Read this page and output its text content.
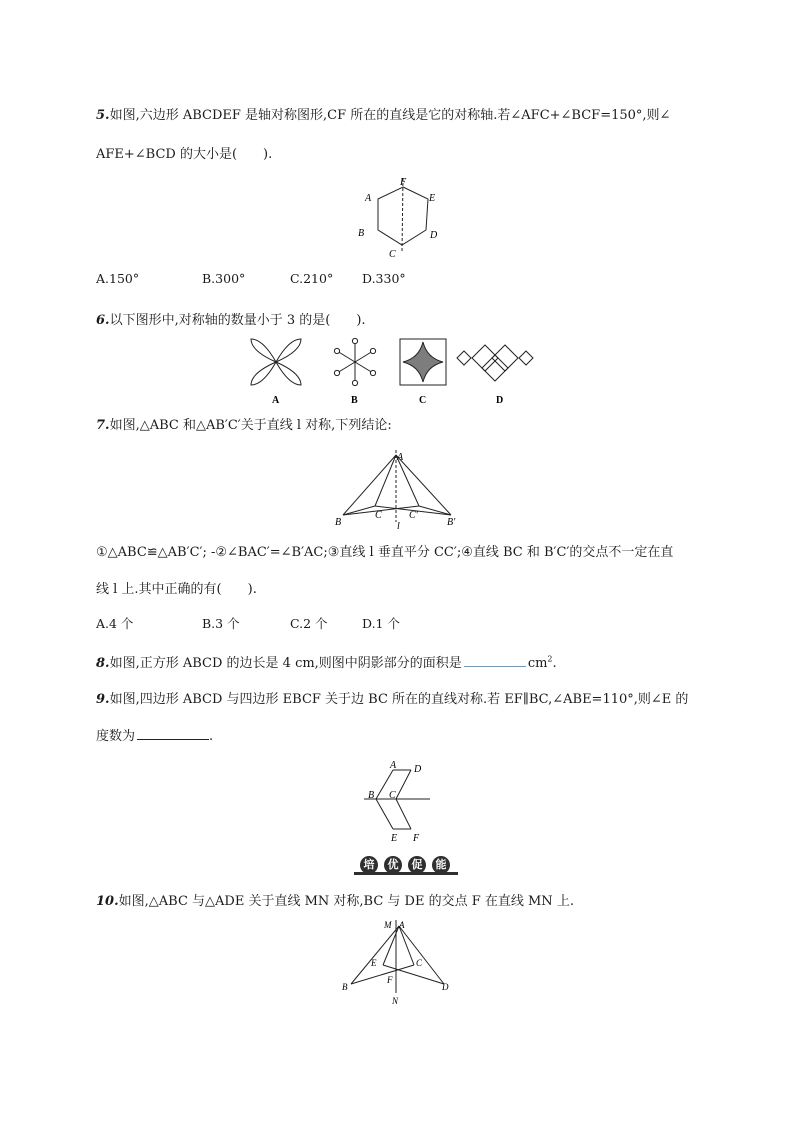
5.如图,六边形 ABCDEF 是轴对称图形,CF 所在的直线是它的对称轴.若∠AFC+∠BCF=150°,则∠
AFE+∠BCD 的大小是(　　).
F
A	E
B	D
C
A.150°	B.300°	C.210° D.330°
6.以下图形中,对称轴的数量小于 3 的是(　　).
A	B	C	D
7.如图,△ABC 和△AB′C′关于直线 l 对称,下列结论:
A
B
C	C′
B′
l
①△ABC≌△AB′C′; -②∠BAC′=∠B′AC;③直线 l 垂直平分 CC′;④直线 BC 和 B′C′的交点不一定在直
线 l 上.其中正确的有(　　).
A.4 个	B.3 个	C.2 个	D.1 个
8.如图,正方形 ABCD 的边长是 4 cm,则图中阴影部分的面积是	$cm^2$.
9.如图,四边形 ABCD 与四边形 EBCF 关于边 BC 所在的直线对称.若 EF∥BC,∠ABE=110°,则∠E 的
度数为	.
A D
B C
E F
培	优	促	能
10.如图,△ABC 与△ADE 关于直线 MN 对称,BC 与 DE 的交点 F 在直线 MN 上.
M A
E	C
B
F
D
N
